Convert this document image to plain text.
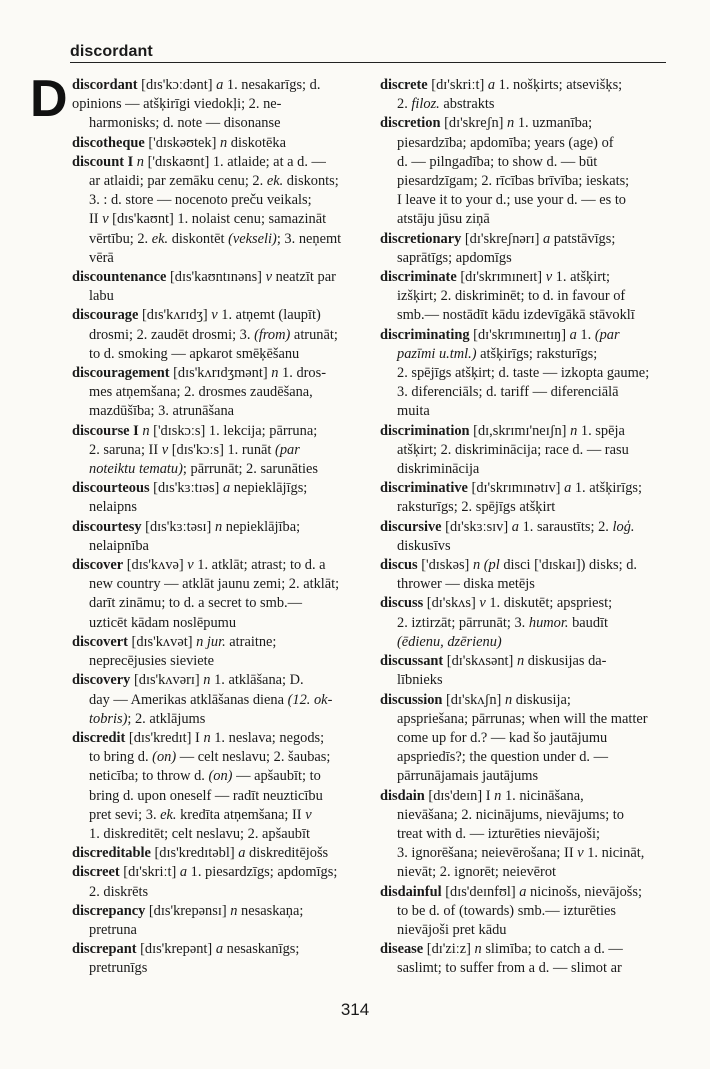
discordant
D discordant [dɪs'kɔːdənt] a 1. nesakarīgs; d.
opinions — atšķirīgi viedokļi; 2. ne-
harmonisks; d. note — disonanse
discotheque ['dɪskəʊtek] n diskotēka
discount I n ['dɪskaʊnt] 1. atlaide; at a d. —
ar atlaidi; par zemāku cenu; 2. ek. diskonts;
3. : d. store — nocenoto preču veikals;
II v [dɪs'kaʊnt] 1. nolaist cenu; samazināt
vērtību; 2. ek. diskontēt (vekseli); 3. neņemt
vērā
discountenance [dɪs'kaʊntɪnəns] v neatzīt par
labu
discourage [dɪs'kʌrɪdʒ] v 1. atņemt (laupīt)
drosmi; 2. zaudēt drosmi; 3. (from) atrunāt;
to d. smoking — apkarot smēķēšanu
discouragement [dɪs'kʌrɪdʒmənt] n 1. dros-
mes atņemšana; 2. drosmes zaudēšana,
mazdūšība; 3. atrunāšana
discourse I n ['dɪskɔːs] 1. lekcija; pārruna;
2. saruna; II v [dɪs'kɔːs] 1. runāt (par
noteiktu tematu); pārrunāt; 2. sarunāties
discourteous [dɪs'kɜːtɪəs] a nepieklājīgs;
nelaipns
discourtesy [dɪs'kɜːtəsɪ] n nepieklājība;
nelaipnība
discover [dɪs'kʌvə] v 1. atklāt; atrast; to d. a
new country — atklāt jaunu zemi; 2. atklāt;
darīt zināmu; to d. a secret to smb.—
uzticēt kādam noslēpumu
discovert [dɪs'kʌvət] n jur. atraitne;
neprecējusies sieviete
discovery [dɪs'kʌvərɪ] n 1. atklāšana; D.
day — Amerikas atklāšanas diena (12. ok-
tobris); 2. atklājums
discredit [dɪs'kredɪt] I n 1. neslava; negods;
to bring d. (on) — celt neslavu; 2. šaubas;
neticība; to throw d. (on) — apšaubīt; to
bring d. upon oneself — radīt neuzticību
pret sevi; 3. ek. kredīta atņemšana; II v
1. diskreditēt; celt neslavu; 2. apšaubīt
discreditable [dɪs'kredɪtəbl] a diskreditējošs
discreet [dɪ'skriːt] a 1. piesardzīgs; apdomīgs;
2. diskrēts
discrepancy [dɪs'krepənsɪ] n nesaskaņa;
pretruna
discrepant [dɪs'krepənt] a nesaskanīgs;
pretrunīgs
discrete [dɪ'skriːt] a 1. nošķirts; atsevišķs;
2. filoz. abstrakts
discretion [dɪ'skreʃn] n 1. uzmanība;
piesardzība; apdomība; years (age) of
d. — pilngadība; to show d. — būt
piesardzīgam; 2. rīcības brīvība; ieskats;
I leave it to your d.; use your d. — es to
atstāju jūsu ziņā
discretionary [dɪ'skreʃnərɪ] a patstāvīgs;
saprātīgs; apdomīgs
discriminate [dɪ'skrɪmɪneɪt] v 1. atšķirt;
izšķirt; 2. diskriminēt; to d. in favour of
smb.— nostādīt kādu izdevīgākā stāvoklī
discriminating [dɪ'skrɪmɪneɪtɪŋ] a 1. (par
pazīmi u.tml.) atšķirīgs; raksturīgs;
2. spējīgs atšķirt; d. taste — izkopta gaume;
3. diferenciāls; d. tariff — diferenciālā
muita
discrimination [dɪ,skrɪmɪ'neɪʃn] n 1. spēja
atšķirt; 2. diskriminācija; race d. — rasu
diskriminācija
discriminative [dɪ'skrɪmɪnətɪv] a 1. atšķirīgs;
raksturīgs; 2. spējīgs atšķirt
discursive [dɪ'skɜːsɪv] a 1. saraustīts; 2. loģ.
diskusīvs
discus ['dɪskəs] n (pl disci ['dɪskaɪ]) disks; d.
thrower — diska metējs
discuss [dɪ'skʌs] v 1. diskutēt; apspriest;
2. iztirzāt; pārrunāt; 3. humor. baudīt
(ēdienu, dzērienu)
discussant [dɪ'skʌsənt] n diskusijas da-
lībnieks
discussion [dɪ'skʌʃn] n diskusija;
apspriešana; pārrunas; when will the matter
come up for d.? — kad šo jautājumu
apspriedīs?; the question under d. —
pārrunājamais jautājums
disdain [dɪs'deɪn] I n 1. nicināšana,
nievāšana; 2. nicinājums, nievājums; to
treat with d. — izturēties nievājoši;
3. ignorēšana; neievērošana; II v 1. nicināt,
nievāt; 2. ignorēt; neievērot
disdainful [dɪs'deɪnfʊl] a nicinošs, nievājošs;
to be d. of (towards) smb.— izturēties
nievājoši pret kādu
disease [dɪ'ziːz] n slimība; to catch a d. —
saslimt; to suffer from a d. — slimot ar
314
